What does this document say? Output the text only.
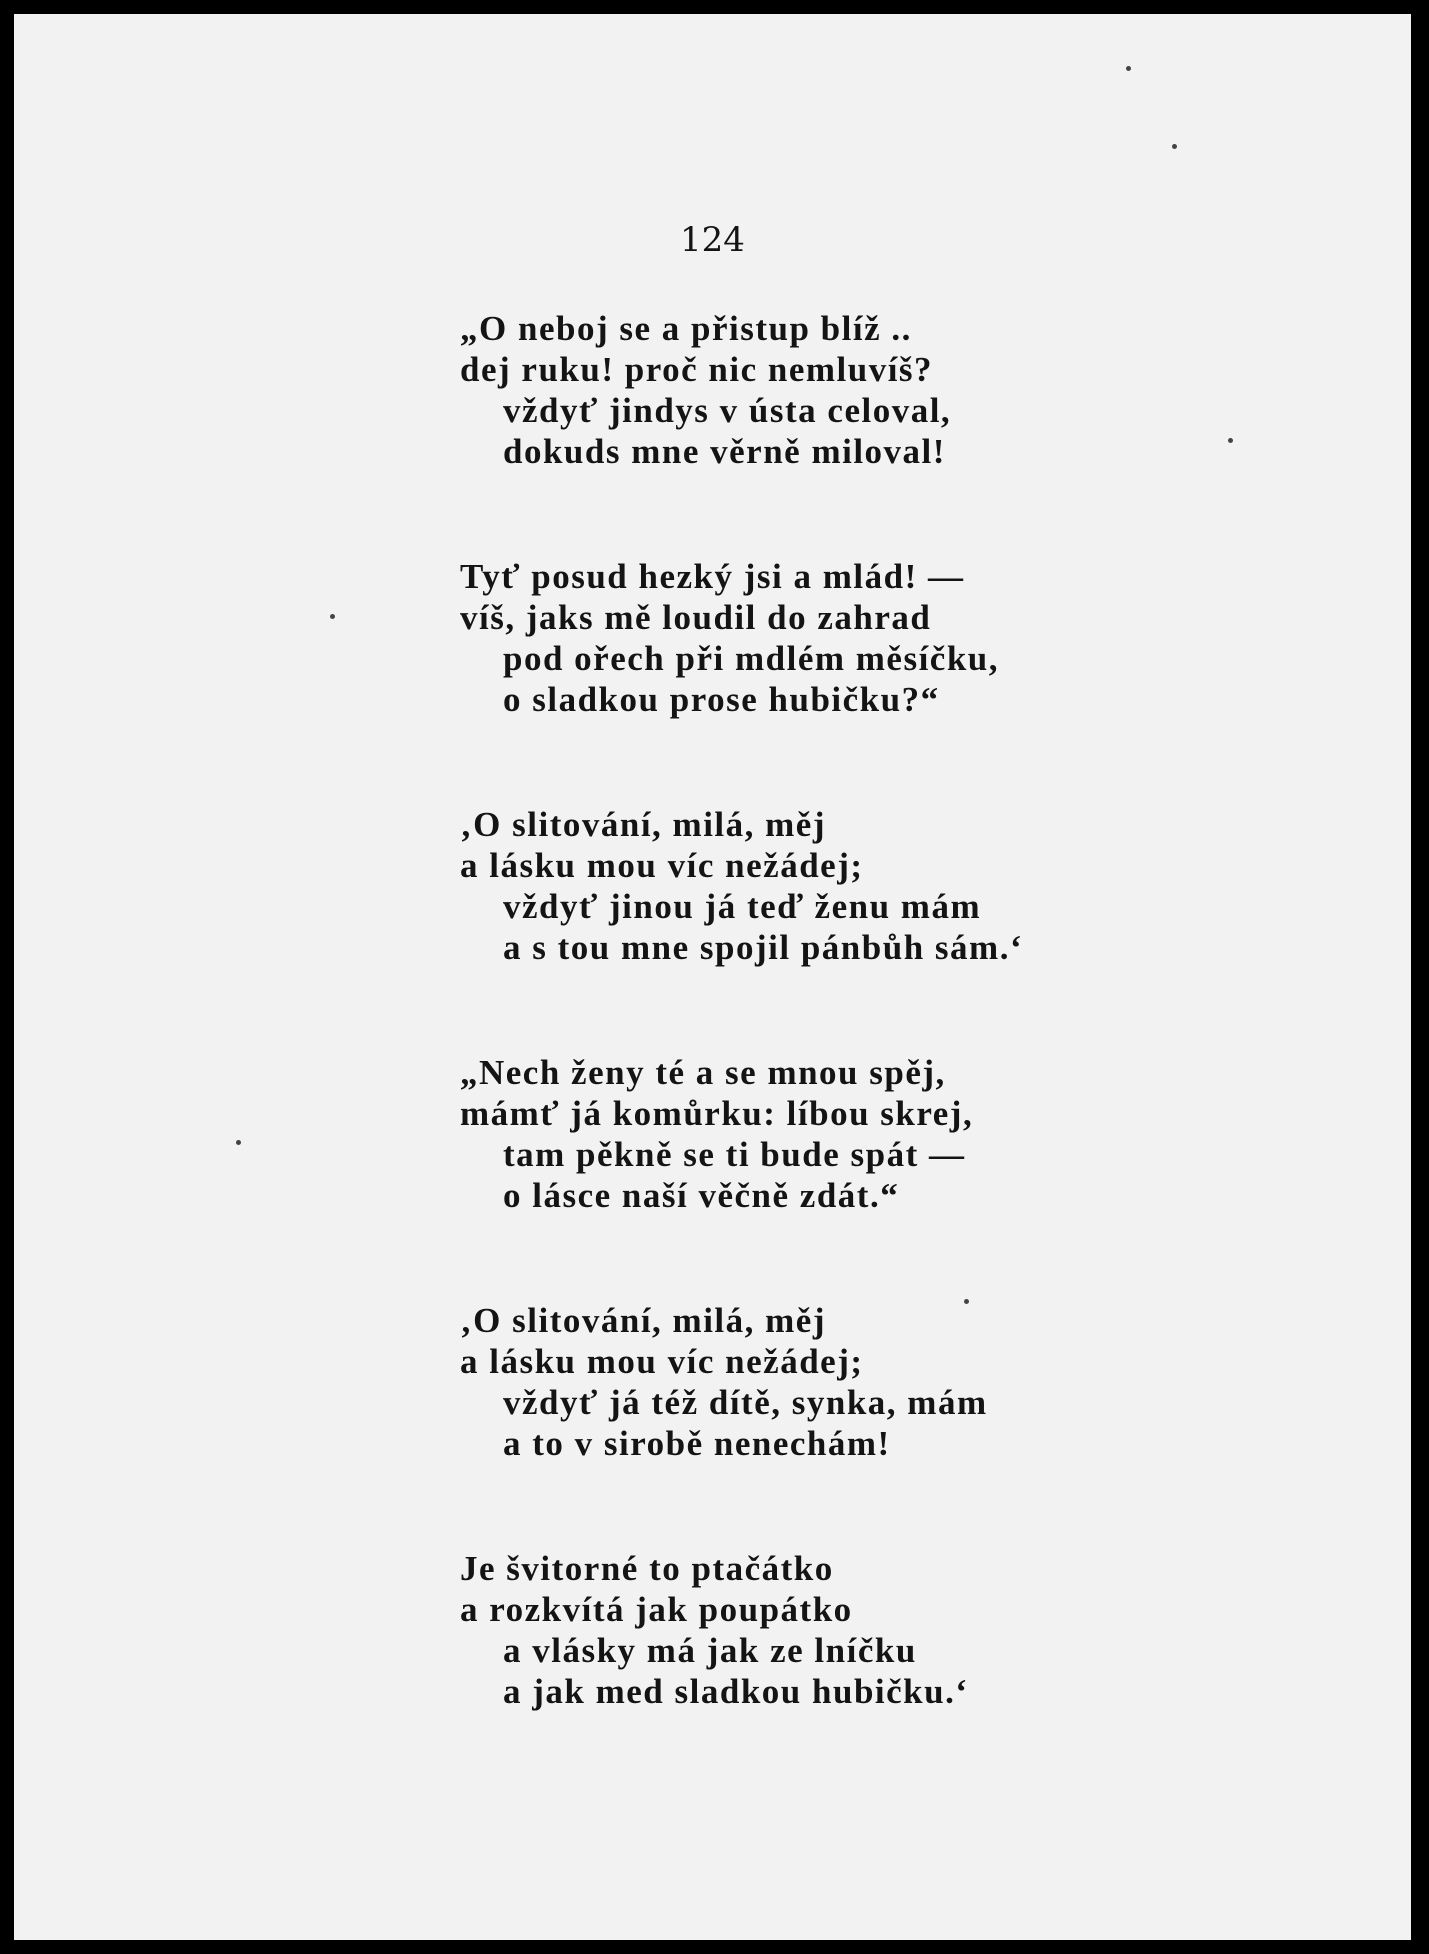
124

„O neboj se a přistup blíž ..
dej ruku! proč nic nemluvíš?
vždyť jindys v ústa celoval,
dokuds mne věrně miloval!
Tyť posud hezký jsi a mlád! —
víš, jaks mě loudil do zahrad
pod ořech při mdlém měsíčku,
o sladkou prose hubičku?“
‚O slitování, milá, měj
a lásku mou víc nežádej;
vždyť jinou já teď ženu mám
a s tou mne spojil pánbůh sám.‘
„Nech ženy té a se mnou spěj,
mámť já komůrku: líbou skrej,
tam pěkně se ti bude spát —
o lásce naší věčně zdát.“
‚O slitování, milá, měj
a lásku mou víc nežádej;
vždyť já též dítě, synka, mám
a to v sirobě nenechám!
Je švitorné to ptačátko
a rozkvítá jak poupátko
a vlásky má jak ze lníčku
a jak med sladkou hubičku.‘
